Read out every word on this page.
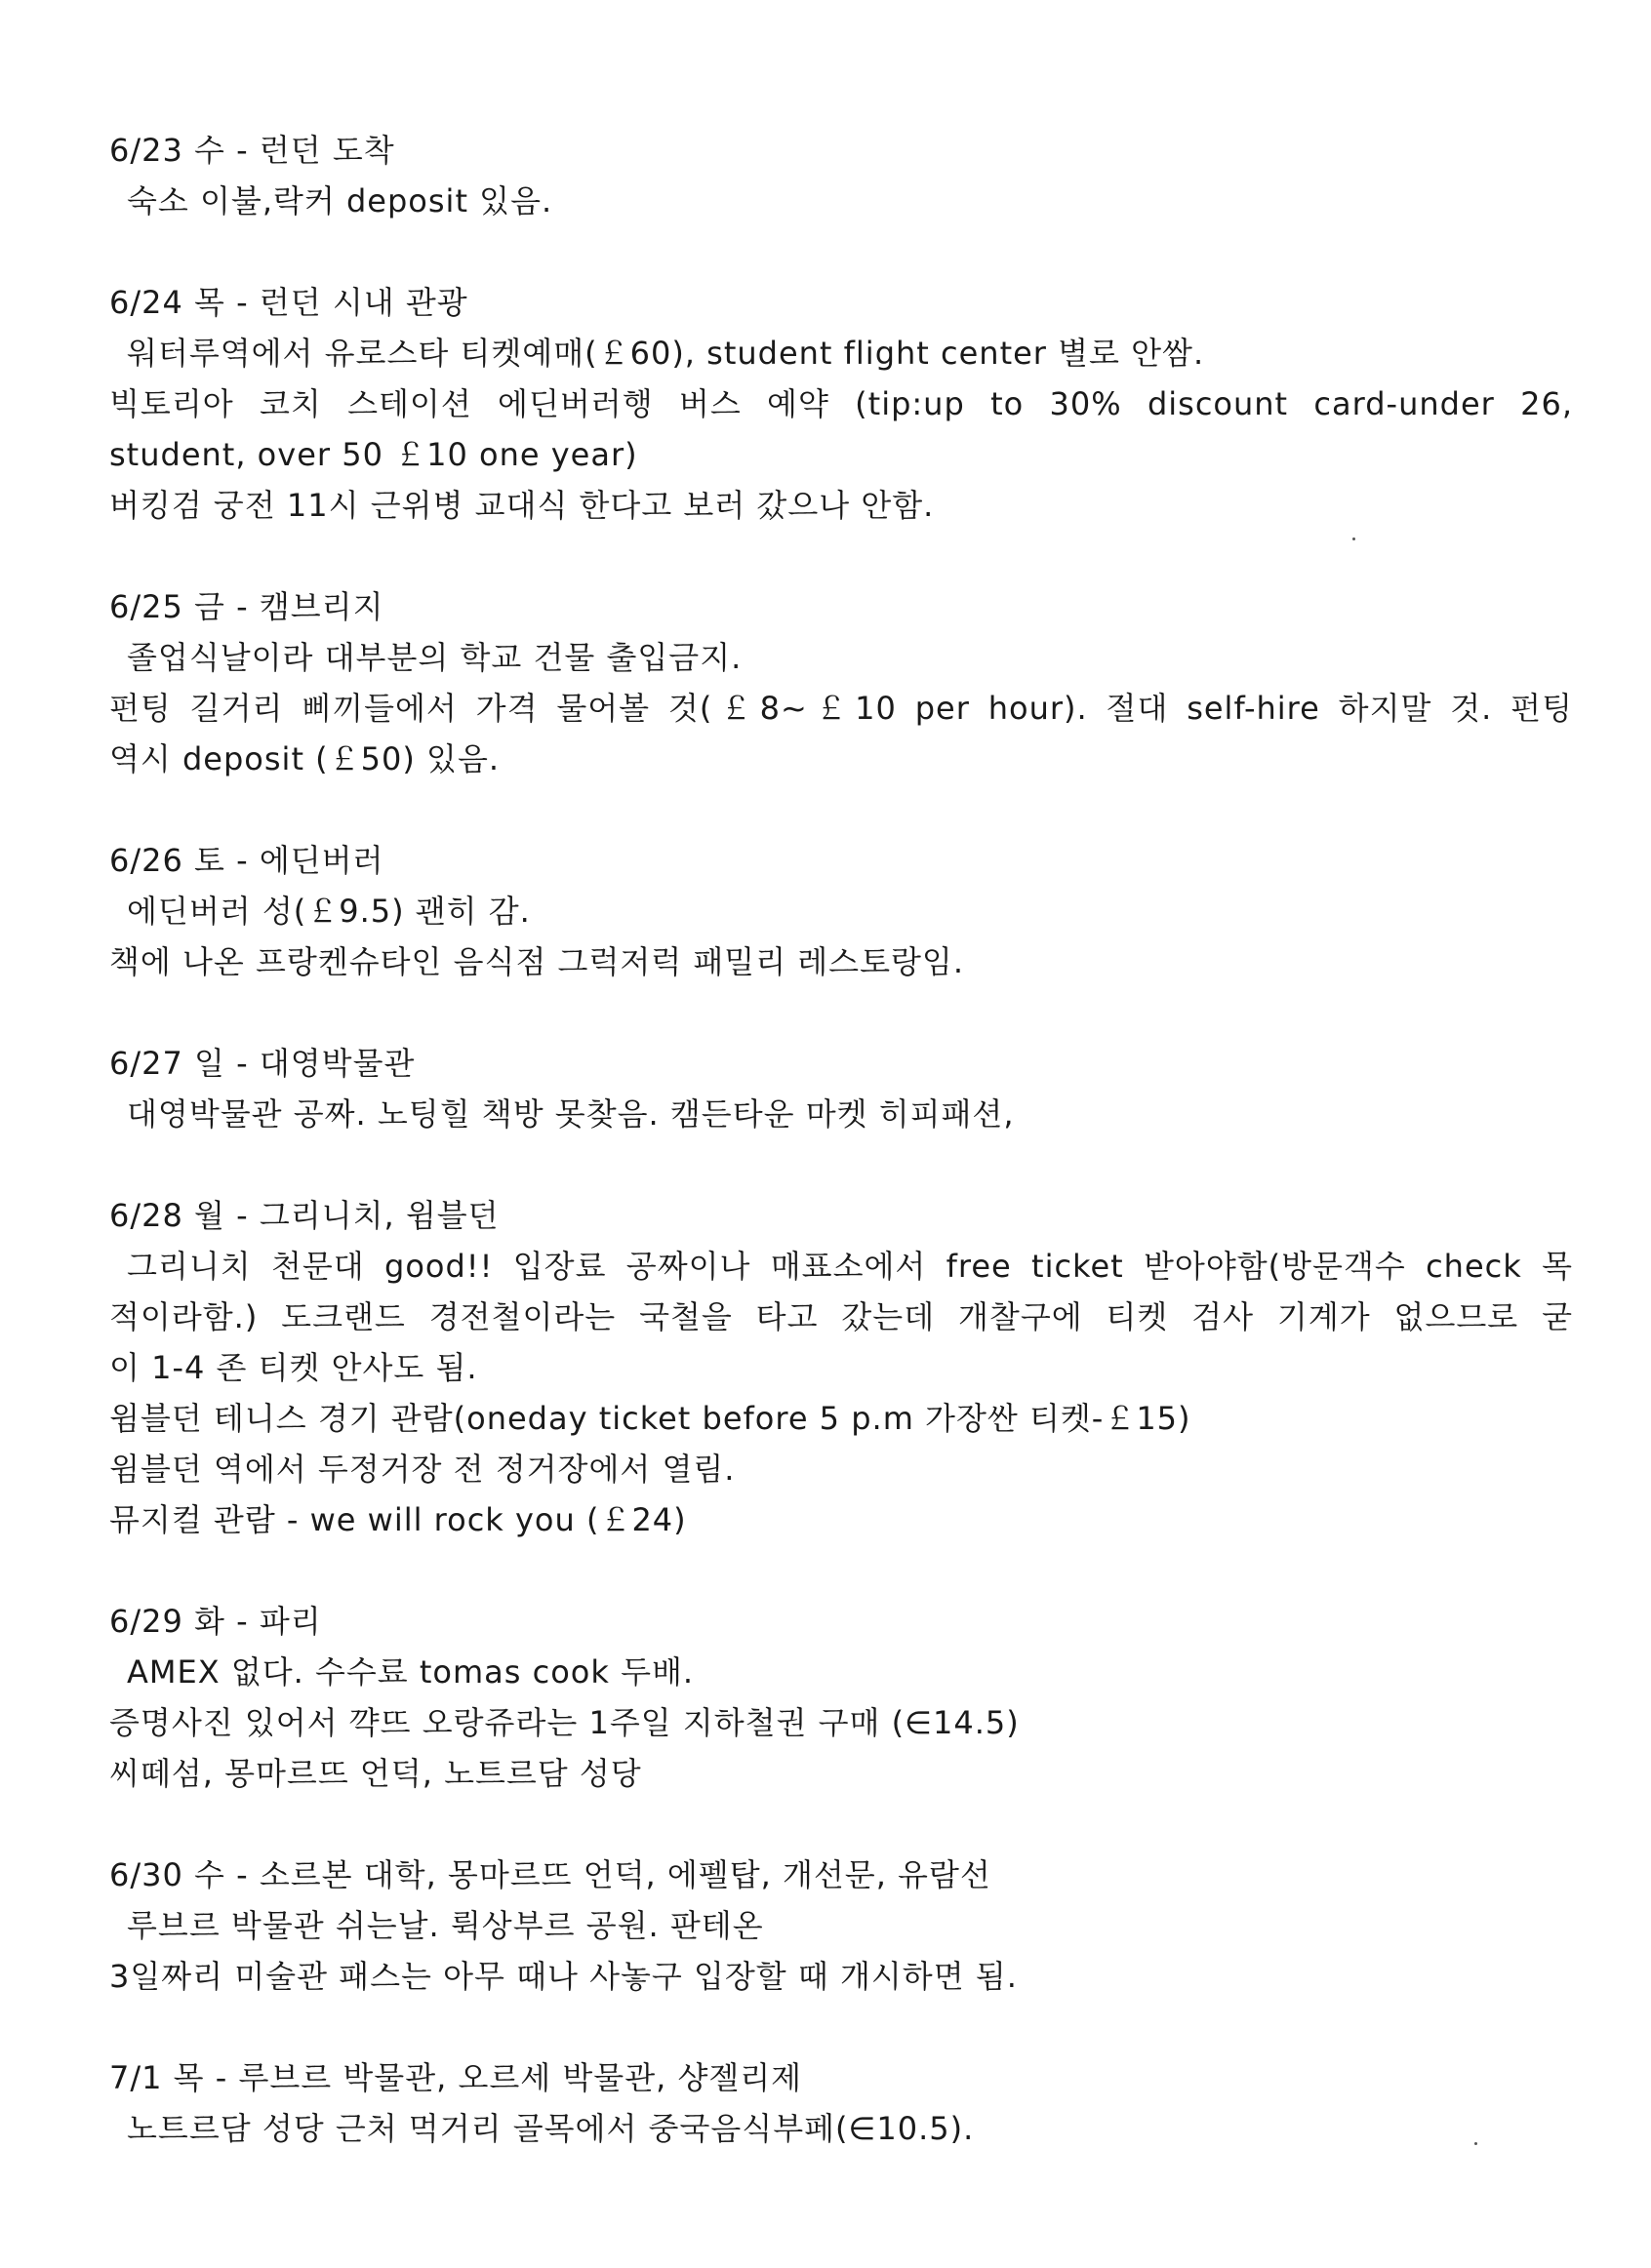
6/23 수 - 런던 도착
숙소 이불,락커 deposit 있음.
6/24 목 - 런던 시내 관광
워터루역에서 유로스타 티켓예매(￡60), student flight center 별로 안쌈.
빅토리아 코치 스테이션 에딘버러행 버스 예약 (tip:up to 30% discount card-under 26,
student, over 50 ￡10 one year)
버킹검 궁전 11시 근위병 교대식 한다고 보러 갔으나 안함.
6/25 금 - 캠브리지
졸업식날이라 대부분의 학교 건물 출입금지.
펀팅 길거리 삐끼들에서 가격 물어볼 것(￡8~￡10 per hour). 절대 self-hire 하지말 것. 펀팅
역시 deposit (￡50) 있음.
6/26 토 - 에딘버러
에딘버러 성(￡9.5) 괜히 감.
책에 나온 프랑켄슈타인 음식점 그럭저럭 패밀리 레스토랑임.
6/27 일 - 대영박물관
대영박물관 공짜. 노팅힐 책방 못찾음. 캠든타운 마켓 히피패션,
6/28 월 - 그리니치, 윔블던
그리니치 천문대 good!! 입장료 공짜이나 매표소에서 free ticket 받아야함(방문객수 check 목
적이라함.) 도크랜드 경전철이라는 국철을 타고 갔는데 개찰구에 티켓 검사 기계가 없으므로 굳
이 1-4 존 티켓 안사도 됨.
윔블던 테니스 경기 관람(oneday ticket before 5 p.m 가장싼 티켓-￡15)
윔블던 역에서 두정거장 전 정거장에서 열림.
뮤지컬 관람 - we will rock you (￡24)
6/29 화 - 파리
AMEX 없다. 수수료 tomas cook 두배.
증명사진 있어서 꺅뜨 오랑쥬라는 1주일 지하철권 구매 (∈14.5)
씨떼섬, 몽마르뜨 언덕, 노트르담 성당
6/30 수 - 소르본 대학, 몽마르뜨 언덕, 에펠탑, 개선문, 유람선
루브르 박물관 쉬는날. 뤽상부르 공원. 판테온
3일짜리 미술관 패스는 아무 때나 사놓구 입장할 때 개시하면 됨.
7/1 목 - 루브르 박물관, 오르세 박물관, 샹젤리제
노트르담 성당 근처 먹거리 골목에서 중국음식부페(∈10.5).
